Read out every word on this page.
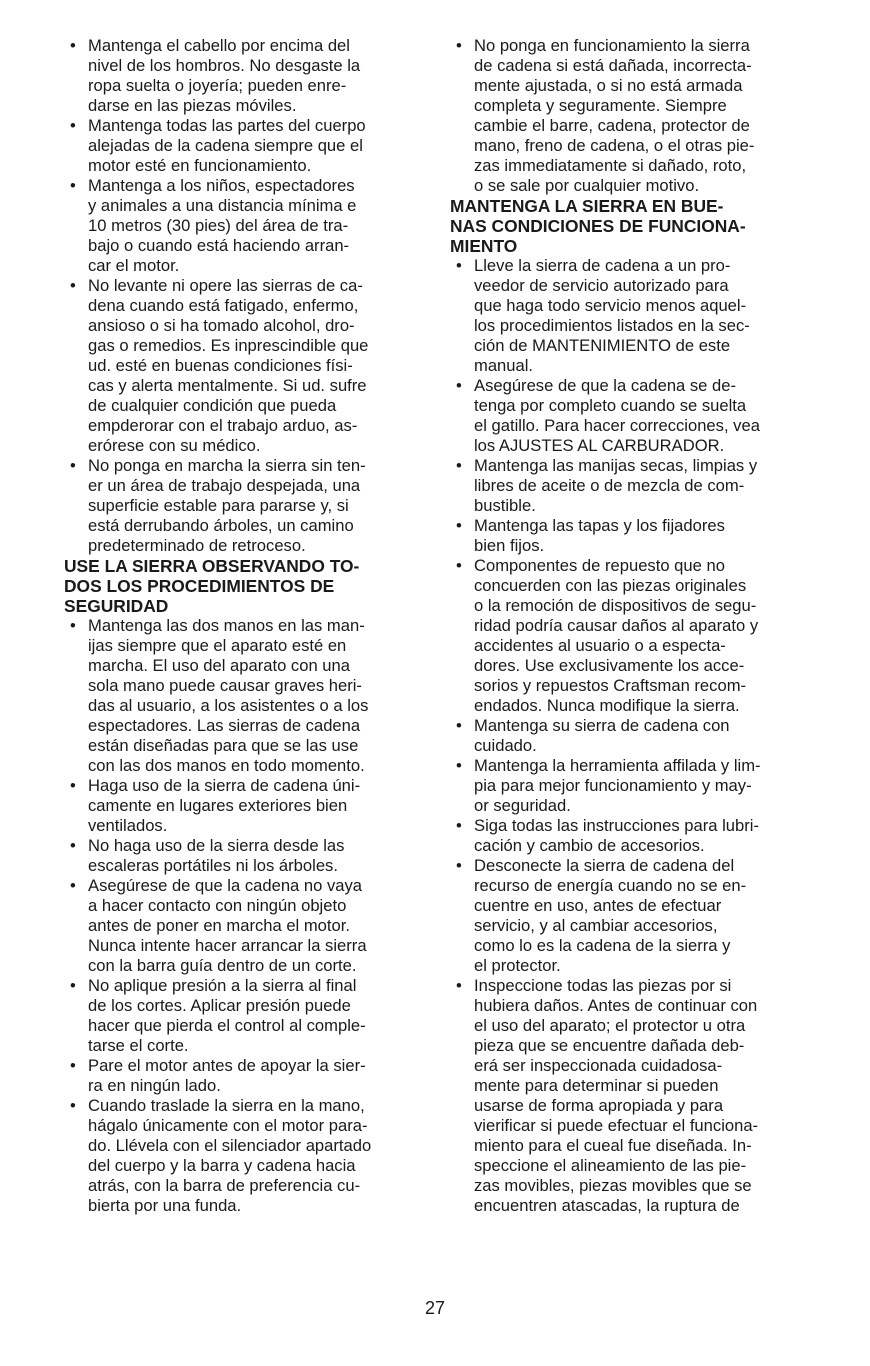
• Mantenga el cabello por encima del
nivel de los hombros. No desgaste la
ropa suelta o joyería; pueden enre-
darse en las piezas móviles.

• Mantenga todas las partes del cuerpo
alejadas de la cadena siempre que el
motor esté en funcionamiento.

• Mantenga a los niños, espectadores
y animales a una distancia mínima e
10 metros (30 pies) del área de tra-
bajo o cuando está haciendo arran-
car el motor.

• No levante ni opere las sierras de ca-
dena cuando está fatigado, enfermo,
ansioso o si ha tomado alcohol, dro-
gas o remedios. Es inprescindible que
ud. esté en buenas condiciones físi-
cas y alerta mentalmente. Si ud. sufre
de cualquier condición que pueda
empderorar con el trabajo arduo, as-
erórese con su médico.

• No ponga en marcha la sierra sin ten-
er un área de trabajo despejada, una
superficie estable para pararse y, si
está derrubando árboles, un camino
predeterminado de retroceso.

USE LA SIERRA OBSERVANDO TO-
DOS LOS PROCEDIMIENTOS DE
SEGURIDAD

• Mantenga las dos manos en las man-
ijas siempre que el aparato esté en
marcha. El uso del aparato con una
sola mano puede causar graves heri-
das al usuario, a los asistentes o a los
espectadores. Las sierras de cadena
están diseñadas para que se las use
con las dos manos en todo momento.

• Haga uso de la sierra de cadena úni-
camente en lugares exteriores bien
ventilados.

• No haga uso de la sierra desde las
escaleras portátiles ni los árboles.

• Asegúrese de que la cadena no vaya
a hacer contacto con ningún objeto
antes de poner en marcha el motor.
Nunca intente hacer arrancar la sierra
con la barra guía dentro de un corte.

• No aplique presión a la sierra al final
de los cortes. Aplicar presión puede
hacer que pierda el control al comple-
tarse el corte.

• Pare el motor antes de apoyar la sier-
ra en ningún lado.

• Cuando traslade la sierra en la mano,
hágalo únicamente con el motor para-
do. Llévela con el silenciador apartado
del cuerpo y la barra y cadena hacia
atrás, con la barra de preferencia cu-
bierta por una funda.

• No ponga en funcionamiento la sierra
de cadena si está dañada, incorrecta-
mente ajustada, o si no está armada
completa y seguramente. Siempre
cambie el barre, cadena, protector de
mano, freno de cadena, o el otras pie-
zas immediatamente si dañado, roto,
o se sale por cualquier motivo.

MANTENGA LA SIERRA EN BUE-
NAS CONDICIONES DE FUNCIONA-
MIENTO

• Lleve la sierra de cadena a un pro-
veedor de servicio autorizado para
que haga todo servicio menos aquel-
los procedimientos listados en la sec-
ción de MANTENIMIENTO de este
manual.

• Asegúrese de que la cadena se de-
tenga por completo cuando se suelta
el gatillo. Para hacer correcciones, vea
los AJUSTES AL CARBURADOR.

• Mantenga las manijas secas, limpias y
libres de aceite o de mezcla de com-
bustible.

• Mantenga las tapas y los fijadores
bien fijos.

• Componentes de repuesto que no
concuerden con las piezas originales
o la remoción de dispositivos de segu-
ridad podría causar daños al aparato y
accidentes al usuario o a especta-
dores. Use exclusivamente los acce-
sorios y repuestos Craftsman recom-
endados. Nunca modifique la sierra.

• Mantenga su sierra de cadena con
cuidado.

• Mantenga la herramienta affilada y lim-
pia para mejor funcionamiento y may-
or seguridad.

• Siga todas las instrucciones para lubri-
cación y cambio de accesorios.

• Desconecte la sierra de cadena del
recurso de energía cuando no se en-
cuentre en uso, antes de efectuar
servicio, y al cambiar accesorios,
como lo es la cadena de la sierra y
el protector.

• Inspeccione todas las piezas por si
hubiera daños. Antes de continuar con
el uso del aparato; el protector u otra
pieza que se encuentre dañada deb-
erá ser inspeccionada cuidadosa-
mente para determinar si pueden
usarse de forma apropiada y para
vierificar si puede efectuar el funciona-
miento para el cueal fue diseñada. In-
speccione el alineamiento de las pie-
zas movibles, piezas movibles que se
encuentren atascadas, la ruptura de

27
